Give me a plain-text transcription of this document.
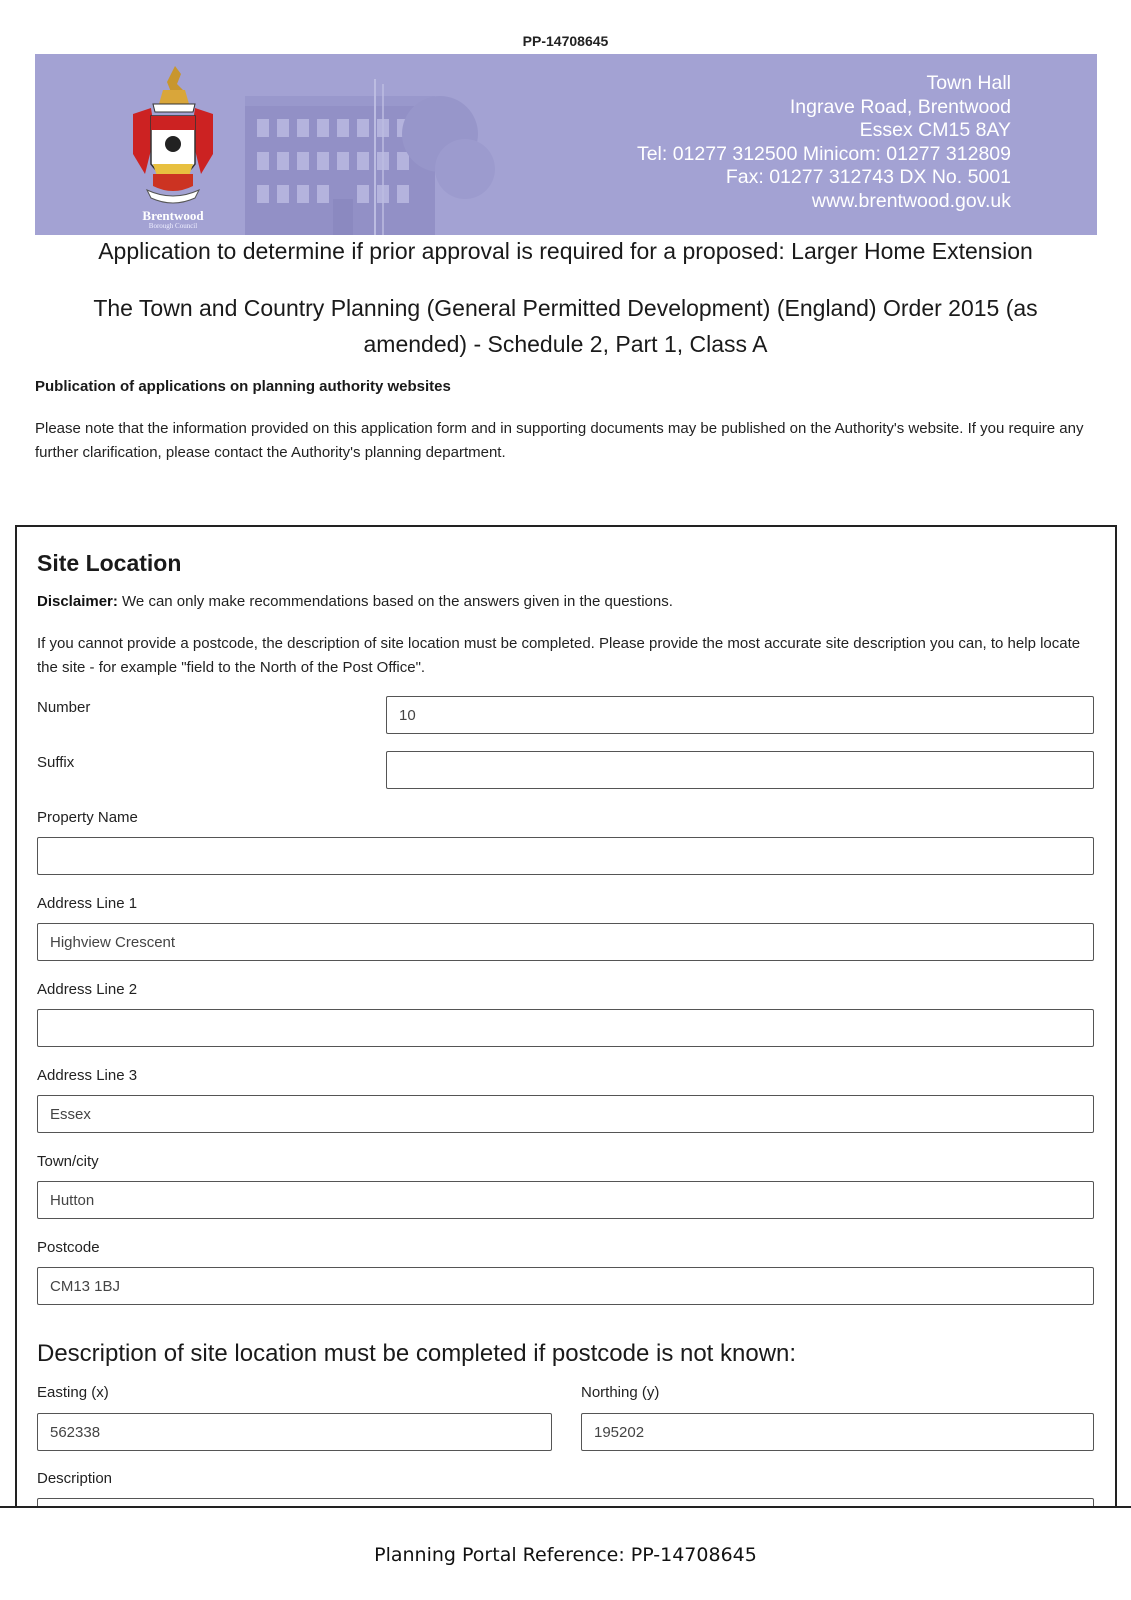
PP-14708645
Brentwood
Borough Council
Town Hall
Ingrave Road, Brentwood
Essex CM15 8AY
Tel: 01277 312500 Minicom: 01277 312809
Fax: 01277 312743 DX No. 5001
www.brentwood.gov.uk
Application to determine if prior approval is required for a proposed: Larger Home Extension
The Town and Country Planning (General Permitted Development) (England) Order 2015 (as amended) - Schedule 2, Part 1, Class A
Publication of applications on planning authority websites
Please note that the information provided on this application form and in supporting documents may be published on the Authority's website. If you require any further clarification, please contact the Authority's planning department.
Site Location
Disclaimer: We can only make recommendations based on the answers given in the questions.
If you cannot provide a postcode, the description of site location must be completed. Please provide the most accurate site description you can, to help locate the site - for example "field to the North of the Post Office".
Number	10
Suffix
Property Name
Address Line 1
Highview Crescent
Address Line 2
Address Line 3
Essex
Town/city
Hutton
Postcode
CM13 1BJ
Description of site location must be completed if postcode is not known:
Easting (x)
562338
Northing (y)
195202
Description
Planning Portal Reference: PP-14708645
